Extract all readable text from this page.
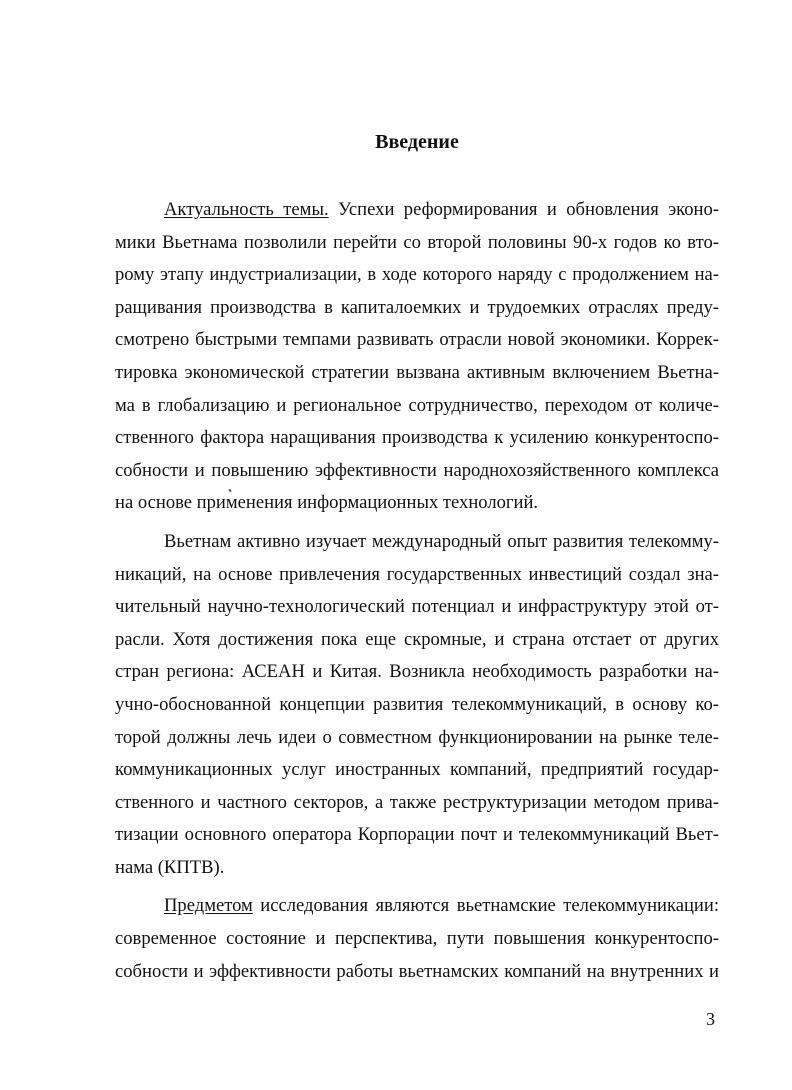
Введение
Актуальность темы. Успехи реформирования и обновления эконо-
мики Вьетнама позволили перейти со второй половины 90-х годов ко вто-
рому этапу индустриализации, в ходе которого наряду с продолжением на-
ращивания производства в капиталоемких и трудоемких отраслях преду-
смотрено быстрыми темпами развивать отрасли новой экономики. Коррек-
тировка экономической стратегии вызвана активным включением Вьетна-
ма в глобализацию и региональное сотрудничество, переходом от количе-
ственного фактора наращивания производства к усилению конкурентоспо-
собности и повышению эффективности народнохозяйственного комплекса
на основе применения информационных технологий.
Вьетнам активно изучает международный опыт развития телекомму-
никаций, на основе привлечения государственных инвестиций создал зна-
чительный научно-технологический потенциал и инфраструктуру этой от-
расли. Хотя достижения пока еще скромные, и страна отстает от других
стран региона: АСЕАН и Китая. Возникла необходимость разработки на-
учно-обоснованной концепции развития телекоммуникаций, в основу ко-
торой должны лечь идеи о совместном функционировании на рынке теле-
коммуникационных услуг иностранных компаний, предприятий государ-
ственного и частного секторов, а также реструктуризации методом прива-
тизации основного оператора Корпорации почт и телекоммуникаций Вьет-
нама (КПТВ).
Предметом исследования являются вьетнамские телекоммуникации:
современное состояние и перспектива, пути повышения конкурентоспо-
собности и эффективности работы вьетнамских компаний на внутренних и
3
